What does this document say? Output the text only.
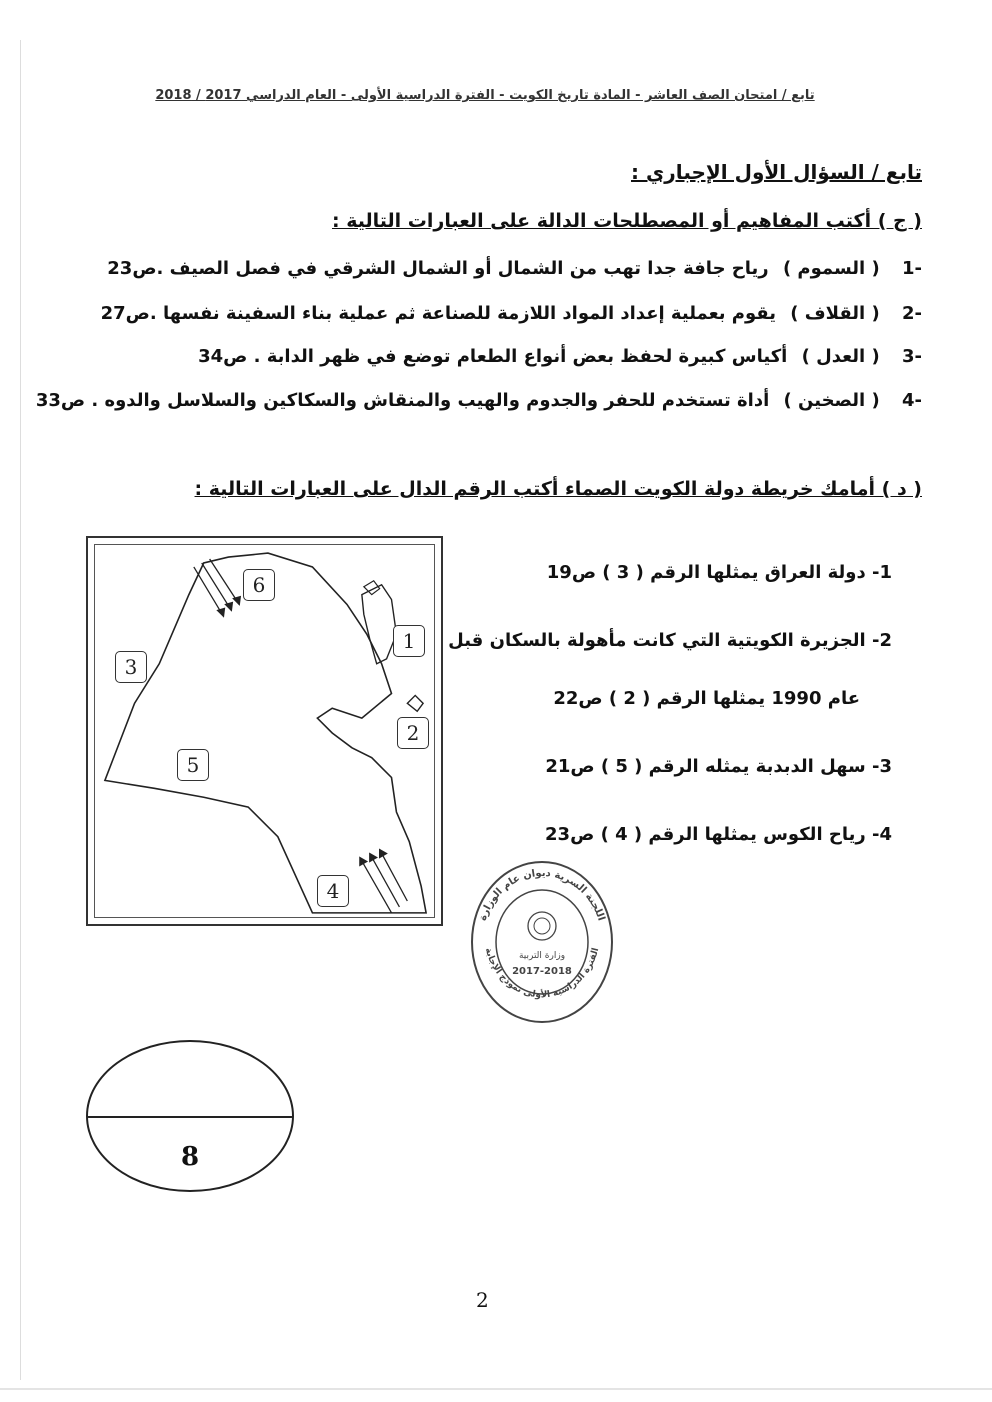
تابع / امتحان الصف العاشر - المادة تاريخ الكويت - الفترة الدراسية الأولى - العام الدراسي 2017 / 2018
تابع / السؤال الأول الإجباري :
( ج ) أكتب المفاهيم أو المصطلحات الدالة على العبارات التالية :
-1 ( السموم ) رياح جافة جدا تهب من الشمال أو الشمال الشرقي في فصل الصيف .ص23
-2 ( القلاف ) يقوم بعملية إعداد المواد اللازمة للصناعة ثم عملية بناء السفينة نفسها .ص27
-3 ( العدل ) أكياس كبيرة لحفظ بعض أنواع الطعام توضع في ظهر الدابة . ص34
-4 ( الصخين ) أداة تستخدم للحفر والجدوم والهيب والمنقاش والسكاكين والسلاسل والدوه . ص33
( د ) أمامك خريطة دولة الكويت الصماء أكتب الرقم الدال على العبارات التالية :
6
1
3
2
5
4
1- دولة العراق يمثلها الرقم ( 3 ) ص19
2- الجزيرة الكويتية التي كانت مأهولة بالسكان قبل
عام 1990 يمثلها الرقم ( 2 ) ص22
3- سهل الدبدبة يمثله الرقم ( 5 ) ص21
4- رياح الكوس يمثلها الرقم ( 4 ) ص23
اللجنة السرية ديوان عام الوزارة
الفترة الدراسية الأولى نموذج الإجابة
وزارة التربية
2017-2018
8
2
